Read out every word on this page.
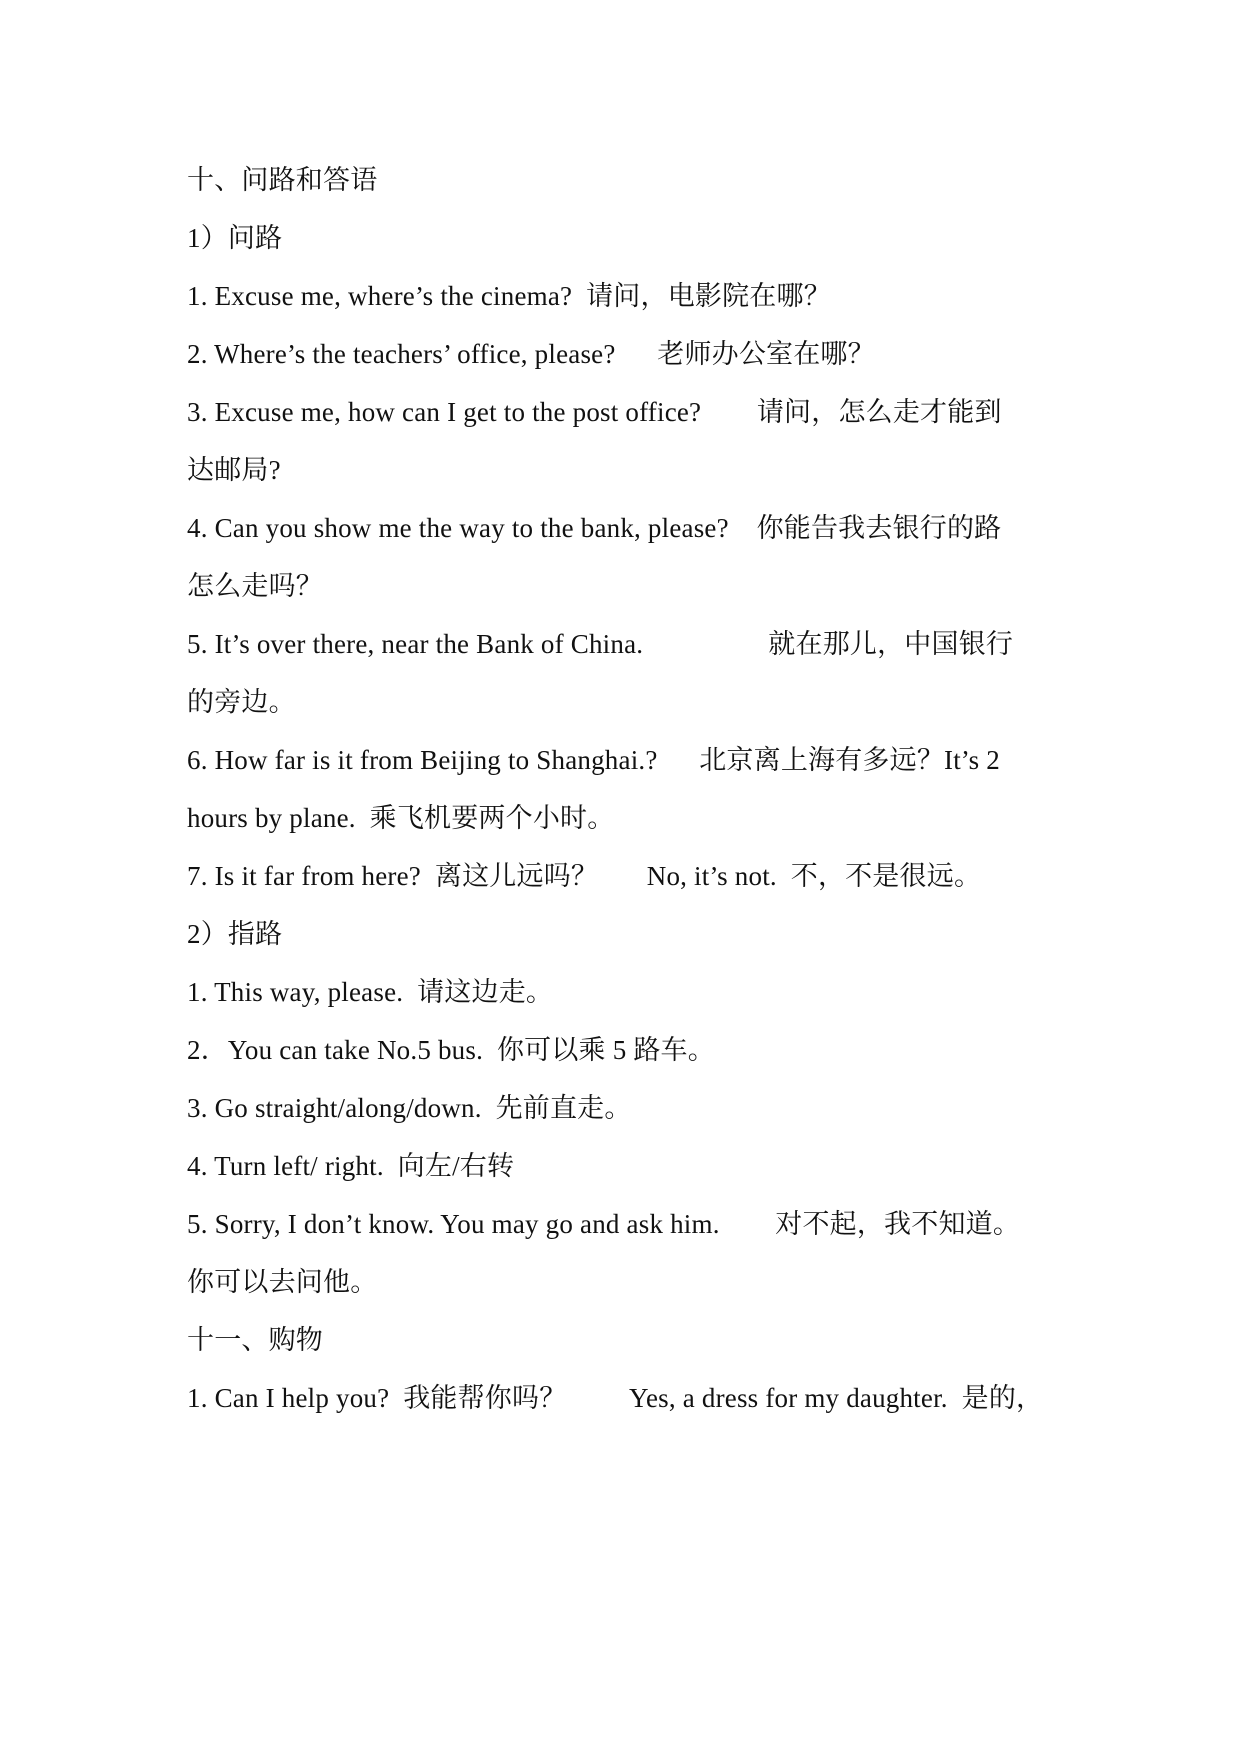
十、问路和答语
1）问路
1. Excuse me, where’s the cinema?  请问，电影院在哪？
2. Where’s the teachers’ office, please?      老师办公室在哪？
3. Excuse me, how can I get to the post office?        请问，怎么走才能到
达邮局?
4. Can you show me the way to the bank, please?    你能告我去银行的路
怎么走吗？
5. It’s over there, near the Bank of China.                  就在那儿，中国银行
的旁边。
6. How far is it from Beijing to Shanghai.?      北京离上海有多远？It’s 2
hours by plane.  乘飞机要两个小时。
7. Is it far from here?  离这儿远吗？       No, it’s not.  不，不是很远。
2）指路
1. This way, please.  请这边走。
2．You can take No.5 bus.  你可以乘 5 路车。
3. Go straight/along/down.  先前直走。
4. Turn left/ right.  向左/右转
5. Sorry, I don’t know. You may go and ask him.        对不起，我不知道。
你可以去问他。
十一、购物
1. Can I help you?  我能帮你吗？         Yes, a dress for my daughter.  是的，
